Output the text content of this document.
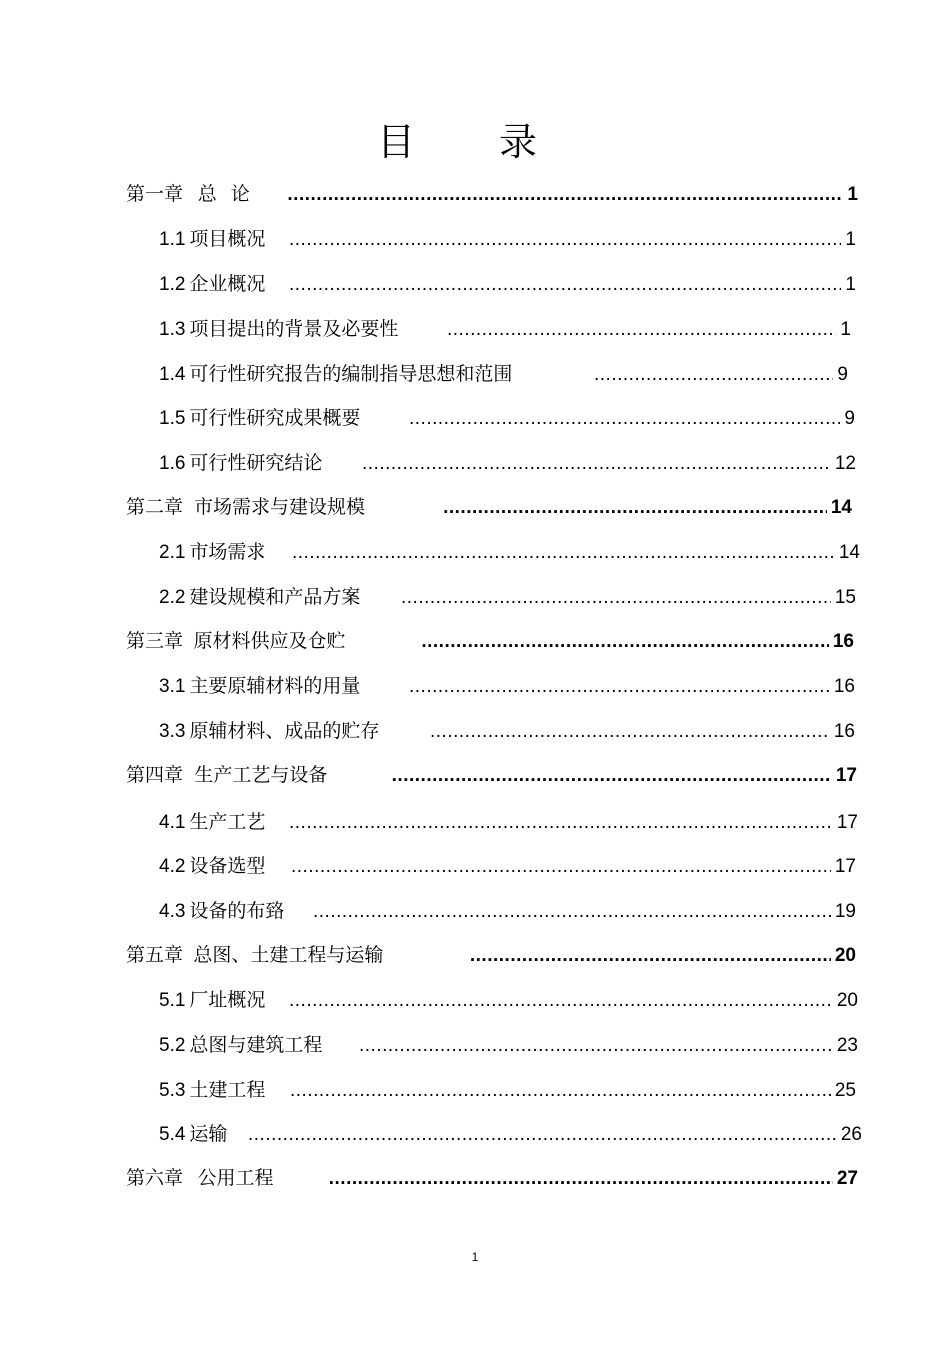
目 录
第一章 总 论 .....	1
1.1 项目概况 .....	1
1.2 企业概况 .....	1
1.3 项目提出的背景及必要性 .....	1
1.4 可行性研究报告的编制指导思想和范围 .....	9
1.5 可行性研究成果概要 .....	9
1.6 可行性研究结论 .....	12
第二章 市场需求与建设规模 .....	14
2.1 市场需求 .....	14
2.2 建设规模和产品方案 .....	15
第三章 原材料供应及仓贮 .....	16
3.1 主要原辅材料的用量 .....	16
3.3 原辅材料、成品的贮存 .....	16
第四章 生产工艺与设备 .....	17
4.1 生产工艺 .....	17
4.2 设备选型 .....	17
4.3 设备的布臵 .....	19
第五章 总图、土建工程与运输 .....	20
5.1 厂址概况 .....	20
5.2 总图与建筑工程 .....	23
5.3 土建工程 .....	25
5.4 运输 .....	26
第六章 公用工程 .....	27
1
